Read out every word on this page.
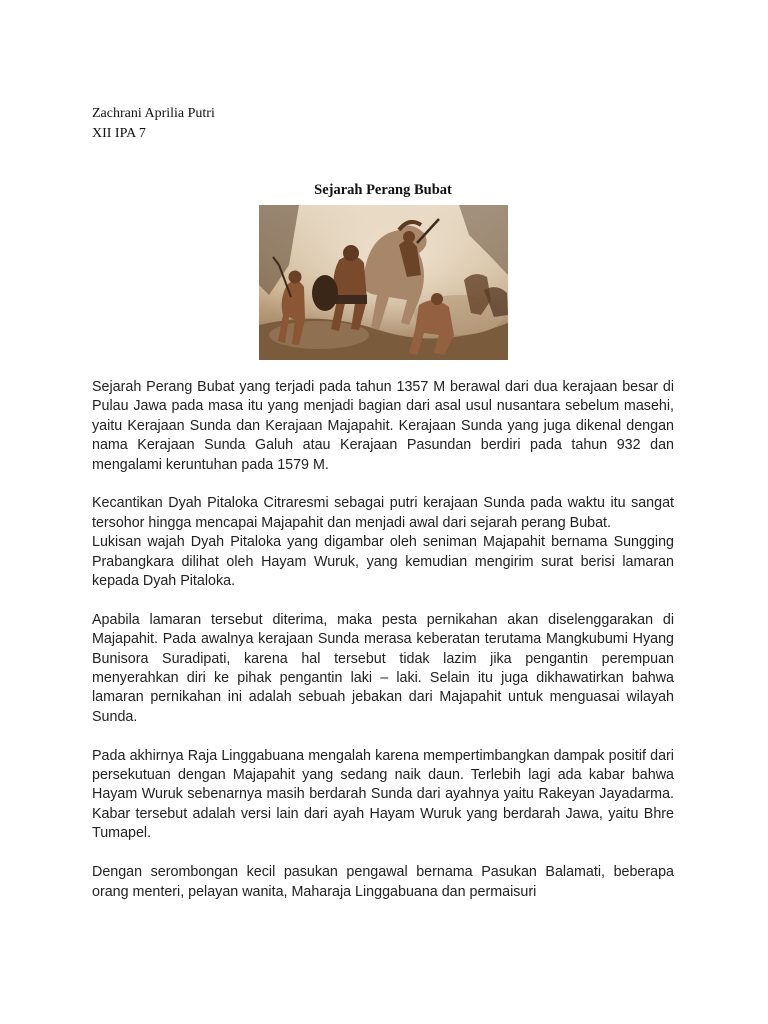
Zachrani Aprilia Putri
XII IPA 7
Sejarah Perang Bubat

Sejarah Perang Bubat yang terjadi pada tahun 1357 M berawal dari dua kerajaan besar di Pulau Jawa pada masa itu yang menjadi bagian dari asal usul nusantara sebelum masehi, yaitu Kerajaan Sunda dan Kerajaan Majapahit. Kerajaan Sunda yang juga dikenal dengan nama Kerajaan Sunda Galuh atau Kerajaan Pasundan berdiri pada tahun 932 dan mengalami keruntuhan pada 1579 M.

Kecantikan Dyah Pitaloka Citraresmi sebagai putri kerajaan Sunda pada waktu itu sangat tersohor hingga mencapai Majapahit dan menjadi awal dari sejarah perang Bubat.

Lukisan wajah Dyah Pitaloka yang digambar oleh seniman Majapahit bernama Sungging Prabangkara dilihat oleh Hayam Wuruk, yang kemudian mengirim surat berisi lamaran kepada Dyah Pitaloka.

Apabila lamaran tersebut diterima, maka pesta pernikahan akan diselenggarakan di Majapahit. Pada awalnya kerajaan Sunda merasa keberatan terutama Mangkubumi Hyang Bunisora Suradipati, karena hal tersebut tidak lazim jika pengantin perempuan menyerahkan diri ke pihak pengantin laki – laki. Selain itu juga dikhawatirkan bahwa lamaran pernikahan ini adalah sebuah jebakan dari Majapahit untuk menguasai wilayah Sunda.

Pada akhirnya Raja Linggabuana mengalah karena mempertimbangkan dampak positif dari persekutuan dengan Majapahit yang sedang naik daun. Terlebih lagi ada kabar bahwa Hayam Wuruk sebenarnya masih berdarah Sunda dari ayahnya yaitu Rakeyan Jayadarma. Kabar tersebut adalah versi lain dari ayah Hayam Wuruk yang berdarah Jawa, yaitu Bhre Tumapel.

Dengan serombongan kecil pasukan pengawal bernama Pasukan Balamati, beberapa orang menteri, pelayan wanita, Maharaja Linggabuana dan permaisuri
